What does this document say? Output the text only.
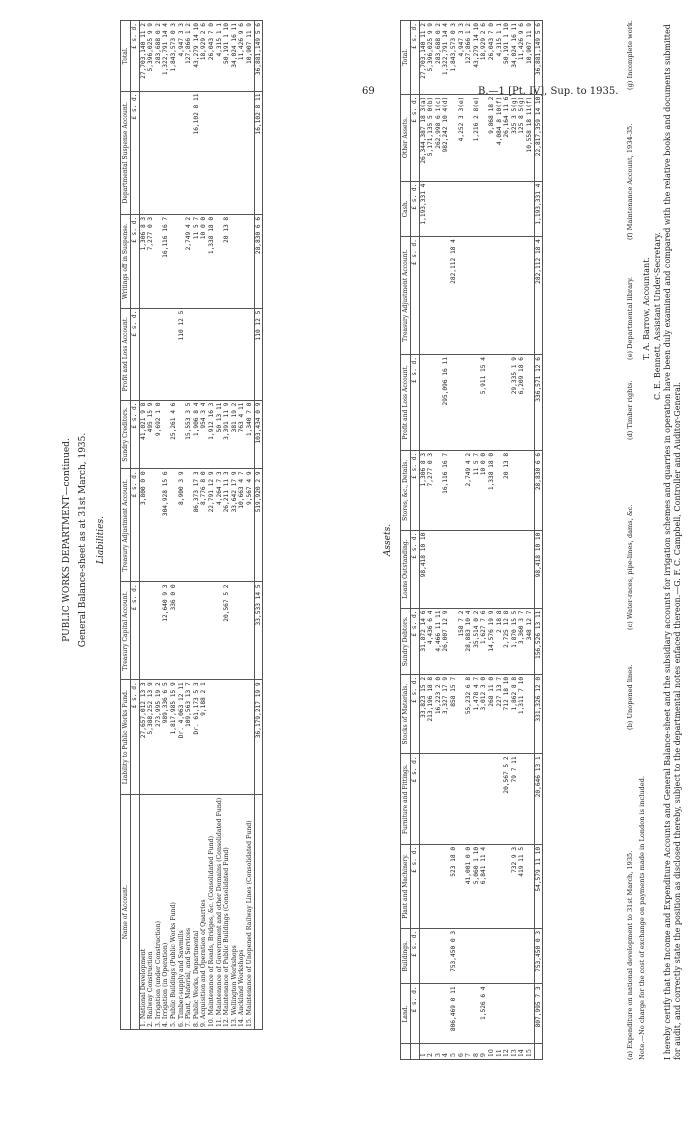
69	B.—1 [Pt. IV], Sup. to 1935.
PUBLIC WORKS DEPARTMENT—continued. General Balance-sheet as at 31st March, 1935. Liabilities.
Name of Account.	Liability to Public Works Fund.	Treasury Capital Account.	Treasury Adjustment Account.	Sundry Creditors.	Profit and Loss Account.	Writings off in Suspense.	Departmental Suspense Account.	Total.
	£ s. d.	£ s. d.	£ s. d.	£ s. d.	£ s. d.	£ s. d.	£ s. d.	£ s. d.
1. National Development	27,657,012 13 3		3,800 0 0	41,021 9 8		1,306 8 3		27,703,140 11 2
2. Railway Construction	5,388,252 13 9			495 15 9		7,277 0 3		5,396,025 9 9
3. Irrigation (under Construction)	273,995 19 2			9,692 1 0				283,688 0 2
4. Irrigation (in Operation)	989,336 6 5	12,640 9 3	304,928 15 6			16,116 16 7		1,322,791 14 4
5. Public Buildings (Public Works Fund)	1,817,985 15 9	336 0 0		25,261 4 6				1,843,573 0 3
6. Timber-supply and Sawmills	Dr. 4,063 12 11		8,900 3 9		110 12 5			4,947 3 3
7. Plant, Material, and Services	109,563 13 7			15,553 3 5		2,749 4 2		127,866 1 2
8. Public Works, Departmental	Dr. 61,173 5 3		86,373 17 3	1,906 8 4		11 5 7	16,102 8 11	43,279 14 10
9. Acquisition and Operation of Quarries	9,188 2 1		8,776 8 0	954 3 4		10 0 0		18,929 2 6
10. Maintenance of Roads, Bridges, &c. (Consolidated Fund)			22,791 12 9	1,912 16 3		1,338 18 0		26,043 7 0
11. Maintenance of Government and other Domains (Consolidated Fund)			4,264 7 3	50 13 11				4,315 1 1
12. Maintenance of Public Buildings (Consolidated Fund)		20,567 5 2	26,211 11 3	3,391 11 9		20 13 8		50,191 1 10
13. Wellington Workshops			33,642 17 9	381 19 2				34,024 16 11
14. Auckland Workshops			10,663 4 7	763 4 11				11,426 9 6
15. Maintenance of Unopened Railway Lines (Consolidated Fund)			9,567 4 9	1,340 7 0				10,907 11 9
	36,179,217 19 9	33,533 14 5	519,920 2 9	103,434 0 9	110 12 5	28,830 6 6	16,102 8 11	36,881,149 5 6
Assets.
	Land.	Buildings.	Plant and Machinery.	Furniture and Fittings.	Stocks of Materials.	Sundry Debtors.	Loans Outstanding.	Stores, &c., Details.	Profit and Loss Account.	Treasury Adjustment Account.	Cash.	Other Assets.	Total.
	£ s. d.	£ s. d.	£ s. d.	£ s. d.	£ s. d.	£ s. d.	£ s. d.	£ s. d.	£ s. d.	£ s. d.	£ s. d.	£ s. d.	£ s. d.
1					33,823 15 2	31,872 14 6	98,418 10 10	1,306 8 3			1,193,331 4	26,344,387 18 3(a)	27,703,140 11 2
2					213,196 18 8	4,436 6 4		7,277 0 3				5,171,135 5 0(b)	5,396,025 9 9
3					16,223 2 0	4,466 11 11						262,998 6 1(c)	283,688 0 2
4					3,327 17 9	26,007 12 9		16,116 16 7	295,096 16 11			982,242 10 4(d)	1,322,791 14 4
5	806,469 0 11	753,450 0 3	523 18 0		858 15 7					282,112 18 4			1,843,573 0 3
6						158 7 2						4,252 3 3(e)	4,947 3 3
7			41,001 0 0		55,232 6 8	28,883 10 4		2,749 4 2					127,866 1 2
8			5,060 1 10		1,478 4 7	35,514 0 2		11 5 7				1,216 2 8(e)	43,279 14 10
9	1,526 6 4		6,841 11 4		3,012 3 0	1,627 7 6		10 0 0	5,911 15 4				18,929 2 6
10					268 11 0	14,576 19 9		1,338 18 0				9,868 18 2	26,043 7 0
11					227 13 7	2 18 8						4,084 8 10(f)	4,315 1 1
12				20,567 5 2	712 18 10	2,725 12 8		20 13 8				26,164 11 6	50,191 1 10
13			732 9 3	79 7 11	1,862 8 8	1,870 15 5			29,335 1 9			325 3 5(g)	34,024 16 11
14			419 11 5		1,311 7 10	3,360 3 7			6,209 18 6			125 8 5(g)	11,426 9 6
15						348 12 7						10,558 18 11(f)	10,907 11 9
	807,995 7 3	753,450 0 3	54,579 11 10	20,646 13 1	331,326 12 0	156,526 13 11	98,418 10 10	28,830 6 6	336,571 12 6	282,112 18 4	1,193,331 4	22,817,359 14 10	36,881,149 5 6
(a) Expenditure on national development to 31st March, 1935.
(b) Unopened lines.
(c) Water-races, pipe-lines, dams, &c.
(d) Timber rights.
(e) Departmental library.
(f) Maintenance Account, 1934-35.
(g) Incomplete work.
Note.—No charge for the cost of exchange on payments made in London is included.
T. A. Barrow, Accountant. C. E. Bennett, Assistant Under-Secretary. I hereby certify that the Income and Expenditure Accounts and General Balance-sheet and the subsidiary accounts for irrigation schemes and quarries in operation have been duly examined and compared with the relative books and documents submitted for audit, and correctly state the position as disclosed thereby, subject to the departmental notes enfaced thereon.—G. F. C. Campbell, Controller and Auditor-General.
